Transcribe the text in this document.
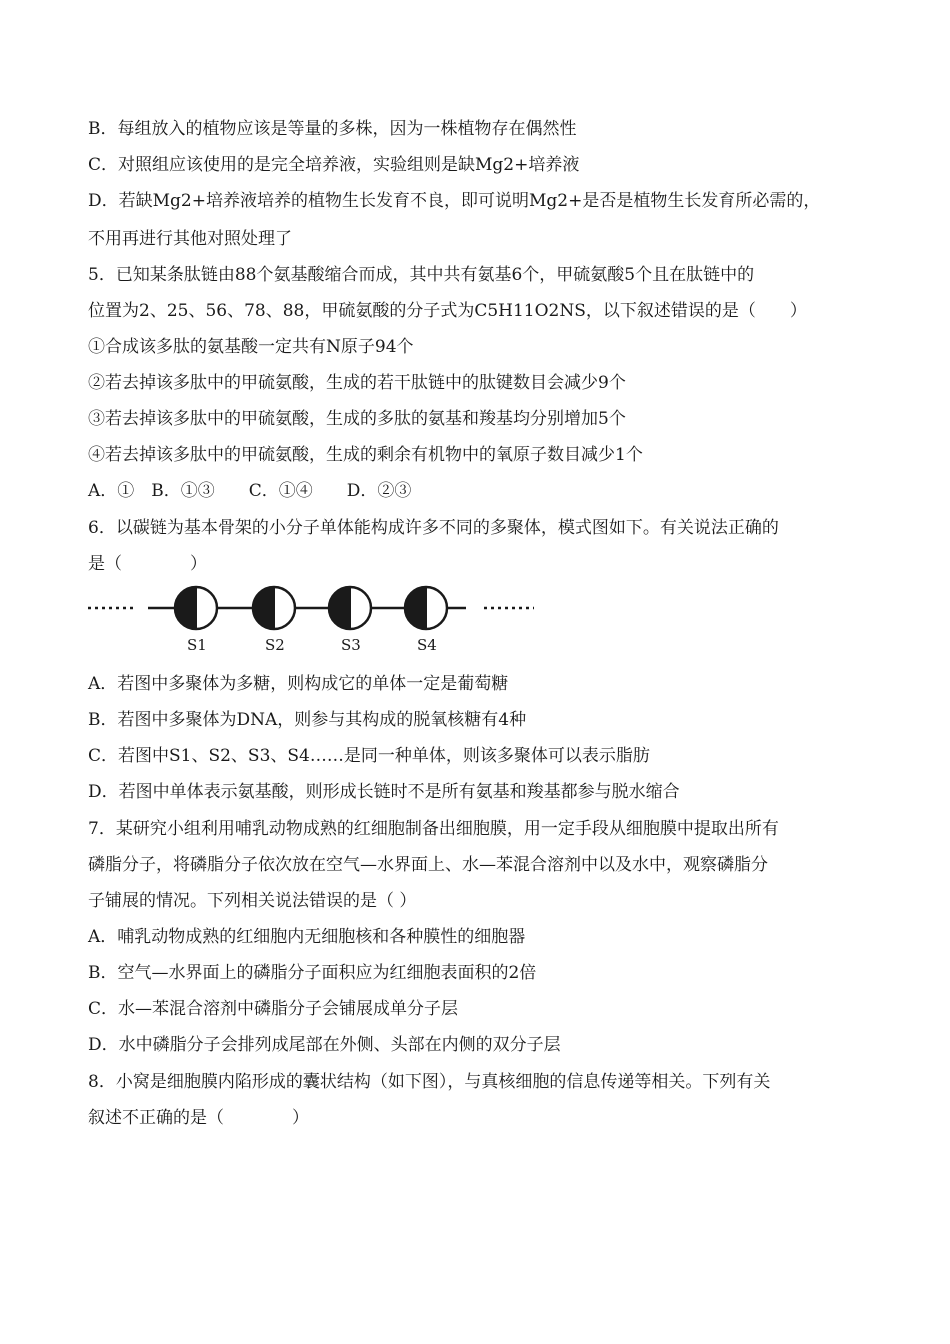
B．每组放入的植物应该是等量的多株，因为一株植物存在偶然性
C．对照组应该使用的是完全培养液，实验组则是缺Mg2+培养液
D．若缺Mg2+培养液培养的植物生长发育不良，即可说明Mg2+是否是植物生长发育所必需的，
不用再进行其他对照处理了
5．已知某条肽链由88个氨基酸缩合而成，其中共有氨基6个，甲硫氨酸5个且在肽链中的
位置为2、25、56、78、88，甲硫氨酸的分子式为C5H11O2NS，以下叙述错误的是（　　）
①合成该多肽的氨基酸一定共有N原子94个
②若去掉该多肽中的甲硫氨酸，生成的若干肽链中的肽键数目会减少9个
③若去掉该多肽中的甲硫氨酸，生成的多肽的氨基和羧基均分别增加5个
④若去掉该多肽中的甲硫氨酸，生成的剩余有机物中的氧原子数目减少1个
A．①　B．①③　　C．①④　　D．②③
6．以碳链为基本骨架的小分子单体能构成许多不同的多聚体，模式图如下。有关说法正确的
是（　　　　）
S1	S2	S3	S4
A．若图中多聚体为多糖，则构成它的单体一定是葡萄糖
B．若图中多聚体为DNA，则参与其构成的脱氧核糖有4种
C．若图中S1、S2、S3、S4……是同一种单体，则该多聚体可以表示脂肪
D．若图中单体表示氨基酸，则形成长链时不是所有氨基和羧基都参与脱水缩合
7．某研究小组利用哺乳动物成熟的红细胞制备出细胞膜，用一定手段从细胞膜中提取出所有
磷脂分子，将磷脂分子依次放在空气—水界面上、水—苯混合溶剂中以及水中，观察磷脂分
子铺展的情况。下列相关说法错误的是（ ）
A．哺乳动物成熟的红细胞内无细胞核和各种膜性的细胞器
B．空气—水界面上的磷脂分子面积应为红细胞表面积的2倍
C．水—苯混合溶剂中磷脂分子会铺展成单分子层
D．水中磷脂分子会排列成尾部在外侧、头部在内侧的双分子层
8．小窝是细胞膜内陷形成的囊状结构（如下图），与真核细胞的信息传递等相关。下列有关
叙述不正确的是（　　　　）
